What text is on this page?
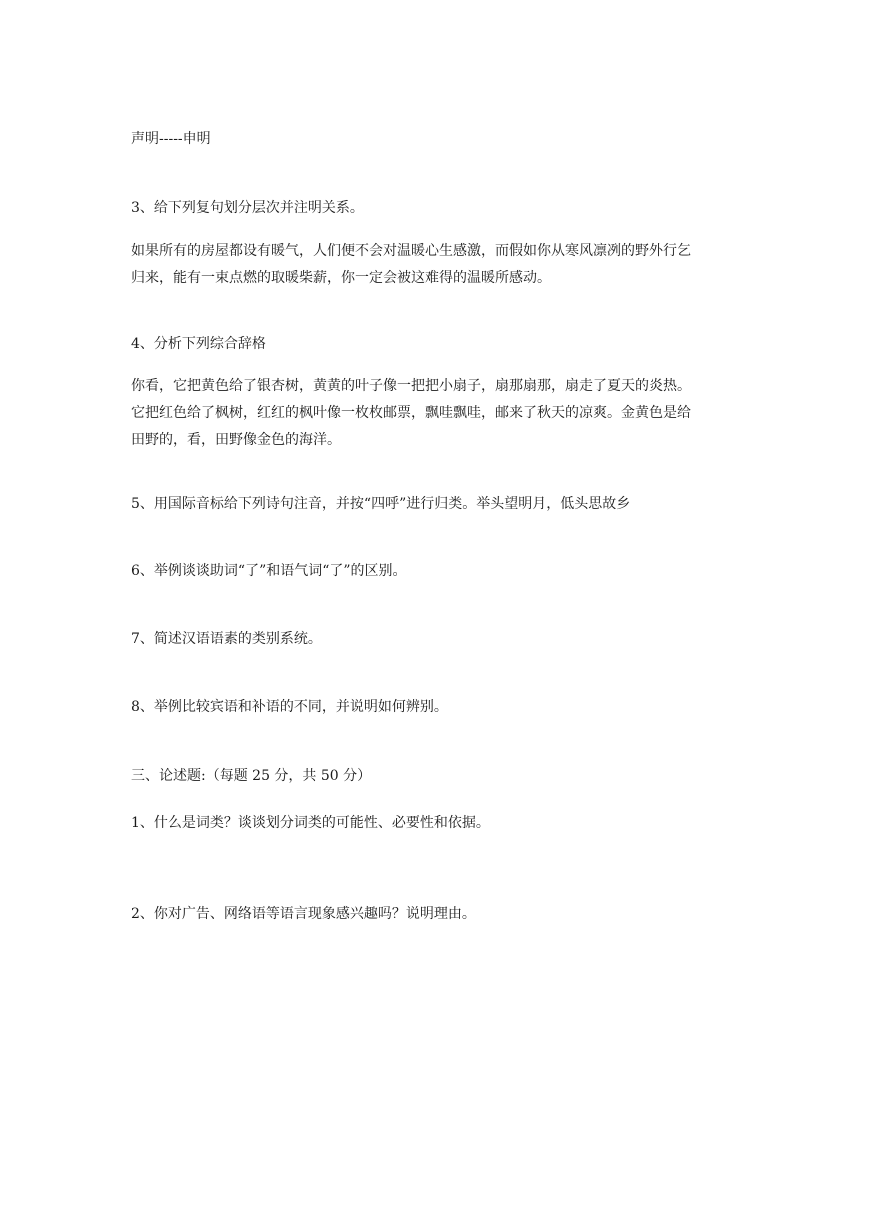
声明-----申明
3、给下列复句划分层次并注明关系。
如果所有的房屋都设有暖气，人们便不会对温暖心生感激，而假如你从寒风凛冽的野外行乞
归来，能有一束点燃的取暖柴薪，你一定会被这难得的温暖所感动。
4、分析下列综合辞格
你看，它把黄色给了银杏树，黄黄的叶子像一把把小扇子，扇那扇那，扇走了夏天的炎热。
它把红色给了枫树，红红的枫叶像一枚枚邮票，飘哇飘哇，邮来了秋天的凉爽。金黄色是给
田野的，看，田野像金色的海洋。
5、用国际音标给下列诗句注音，并按“四呼”进行归类。举头望明月，低头思故乡
6、举例谈谈助词“了”和语气词“了”的区别。
7、简述汉语语素的类别系统。
8、举例比较宾语和补语的不同，并说明如何辨别。
三、论述题:（每题 25 分，共 50 分）
1、什么是词类？谈谈划分词类的可能性、必要性和依据。
2、你对广告、网络语等语言现象感兴趣吗？说明理由。
